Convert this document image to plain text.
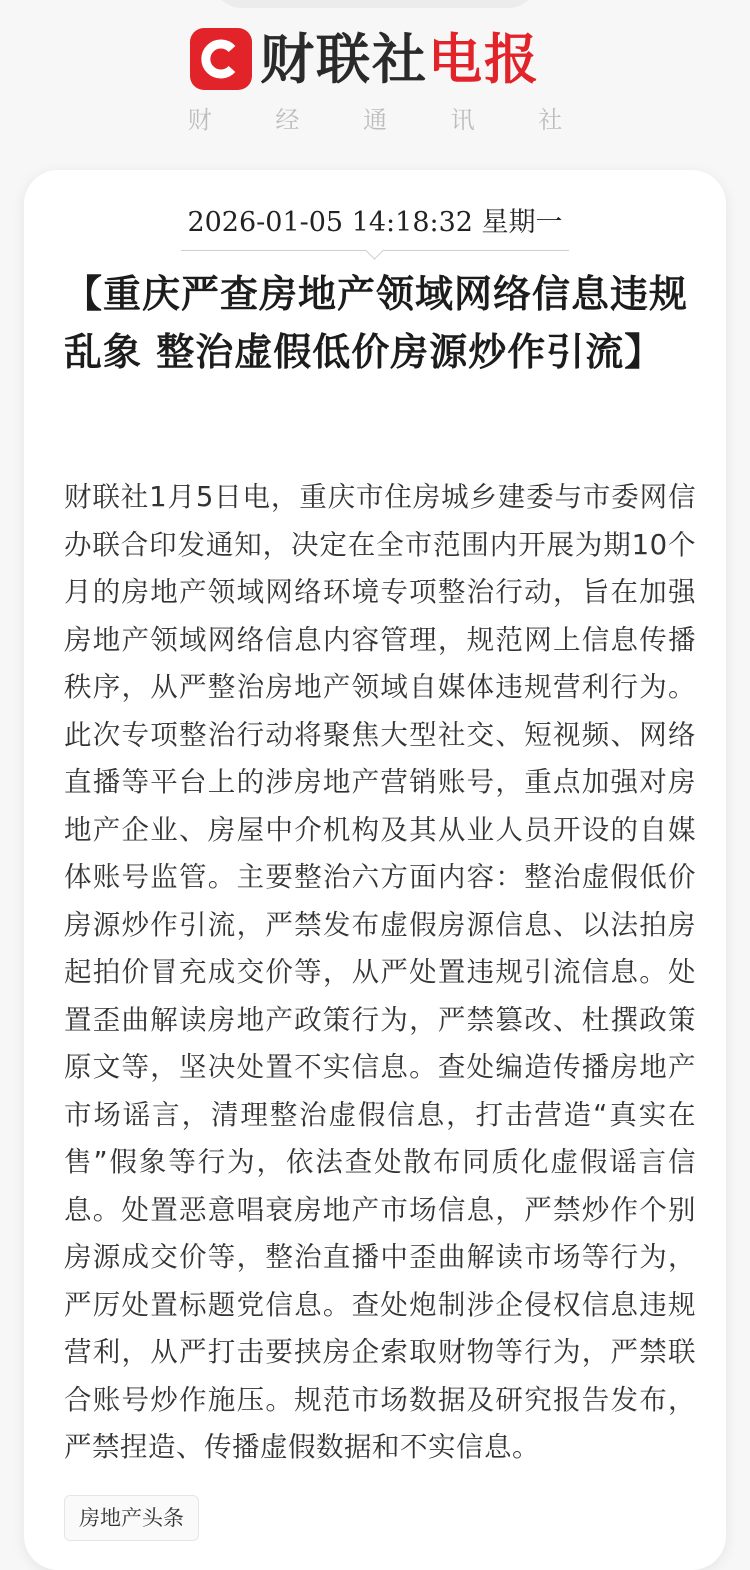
财联社 电报
财 经 通 讯 社
2026-01-05 14:18:32 星期一
【重庆严查房地产领域网络信息违规乱象 整治虚假低价房源炒作引流】

财联社1月5日电，重庆市住房城乡建委与市委网信办联合印发通知，决定在全市范围内开展为期10个月的房地产领域网络环境专项整治行动，旨在加强房地产领域网络信息内容管理，规范网上信息传播秩序，从严整治房地产领域自媒体违规营利行为。此次专项整治行动将聚焦大型社交、短视频、网络直播等平台上的涉房地产营销账号，重点加强对房地产企业、房屋中介机构及其从业人员开设的自媒体账号监管。主要整治六方面内容：整治虚假低价房源炒作引流，严禁发布虚假房源信息、以法拍房起拍价冒充成交价等，从严处置违规引流信息。处置歪曲解读房地产政策行为，严禁篡改、杜撰政策原文等，坚决处置不实信息。查处编造传播房地产市场谣言，清理整治虚假信息，打击营造“真实在售”假象等行为，依法查处散布同质化虚假谣言信息。处置恶意唱衰房地产市场信息，严禁炒作个别房源成交价等，整治直播中歪曲解读市场等行为，严厉处置标题党信息。查处炮制涉企侵权信息违规营利，从严打击要挟房企索取财物等行为，严禁联合账号炒作施压。规范市场数据及研究报告发布，严禁捏造、传播虚假数据和不实信息。

房地产头条
